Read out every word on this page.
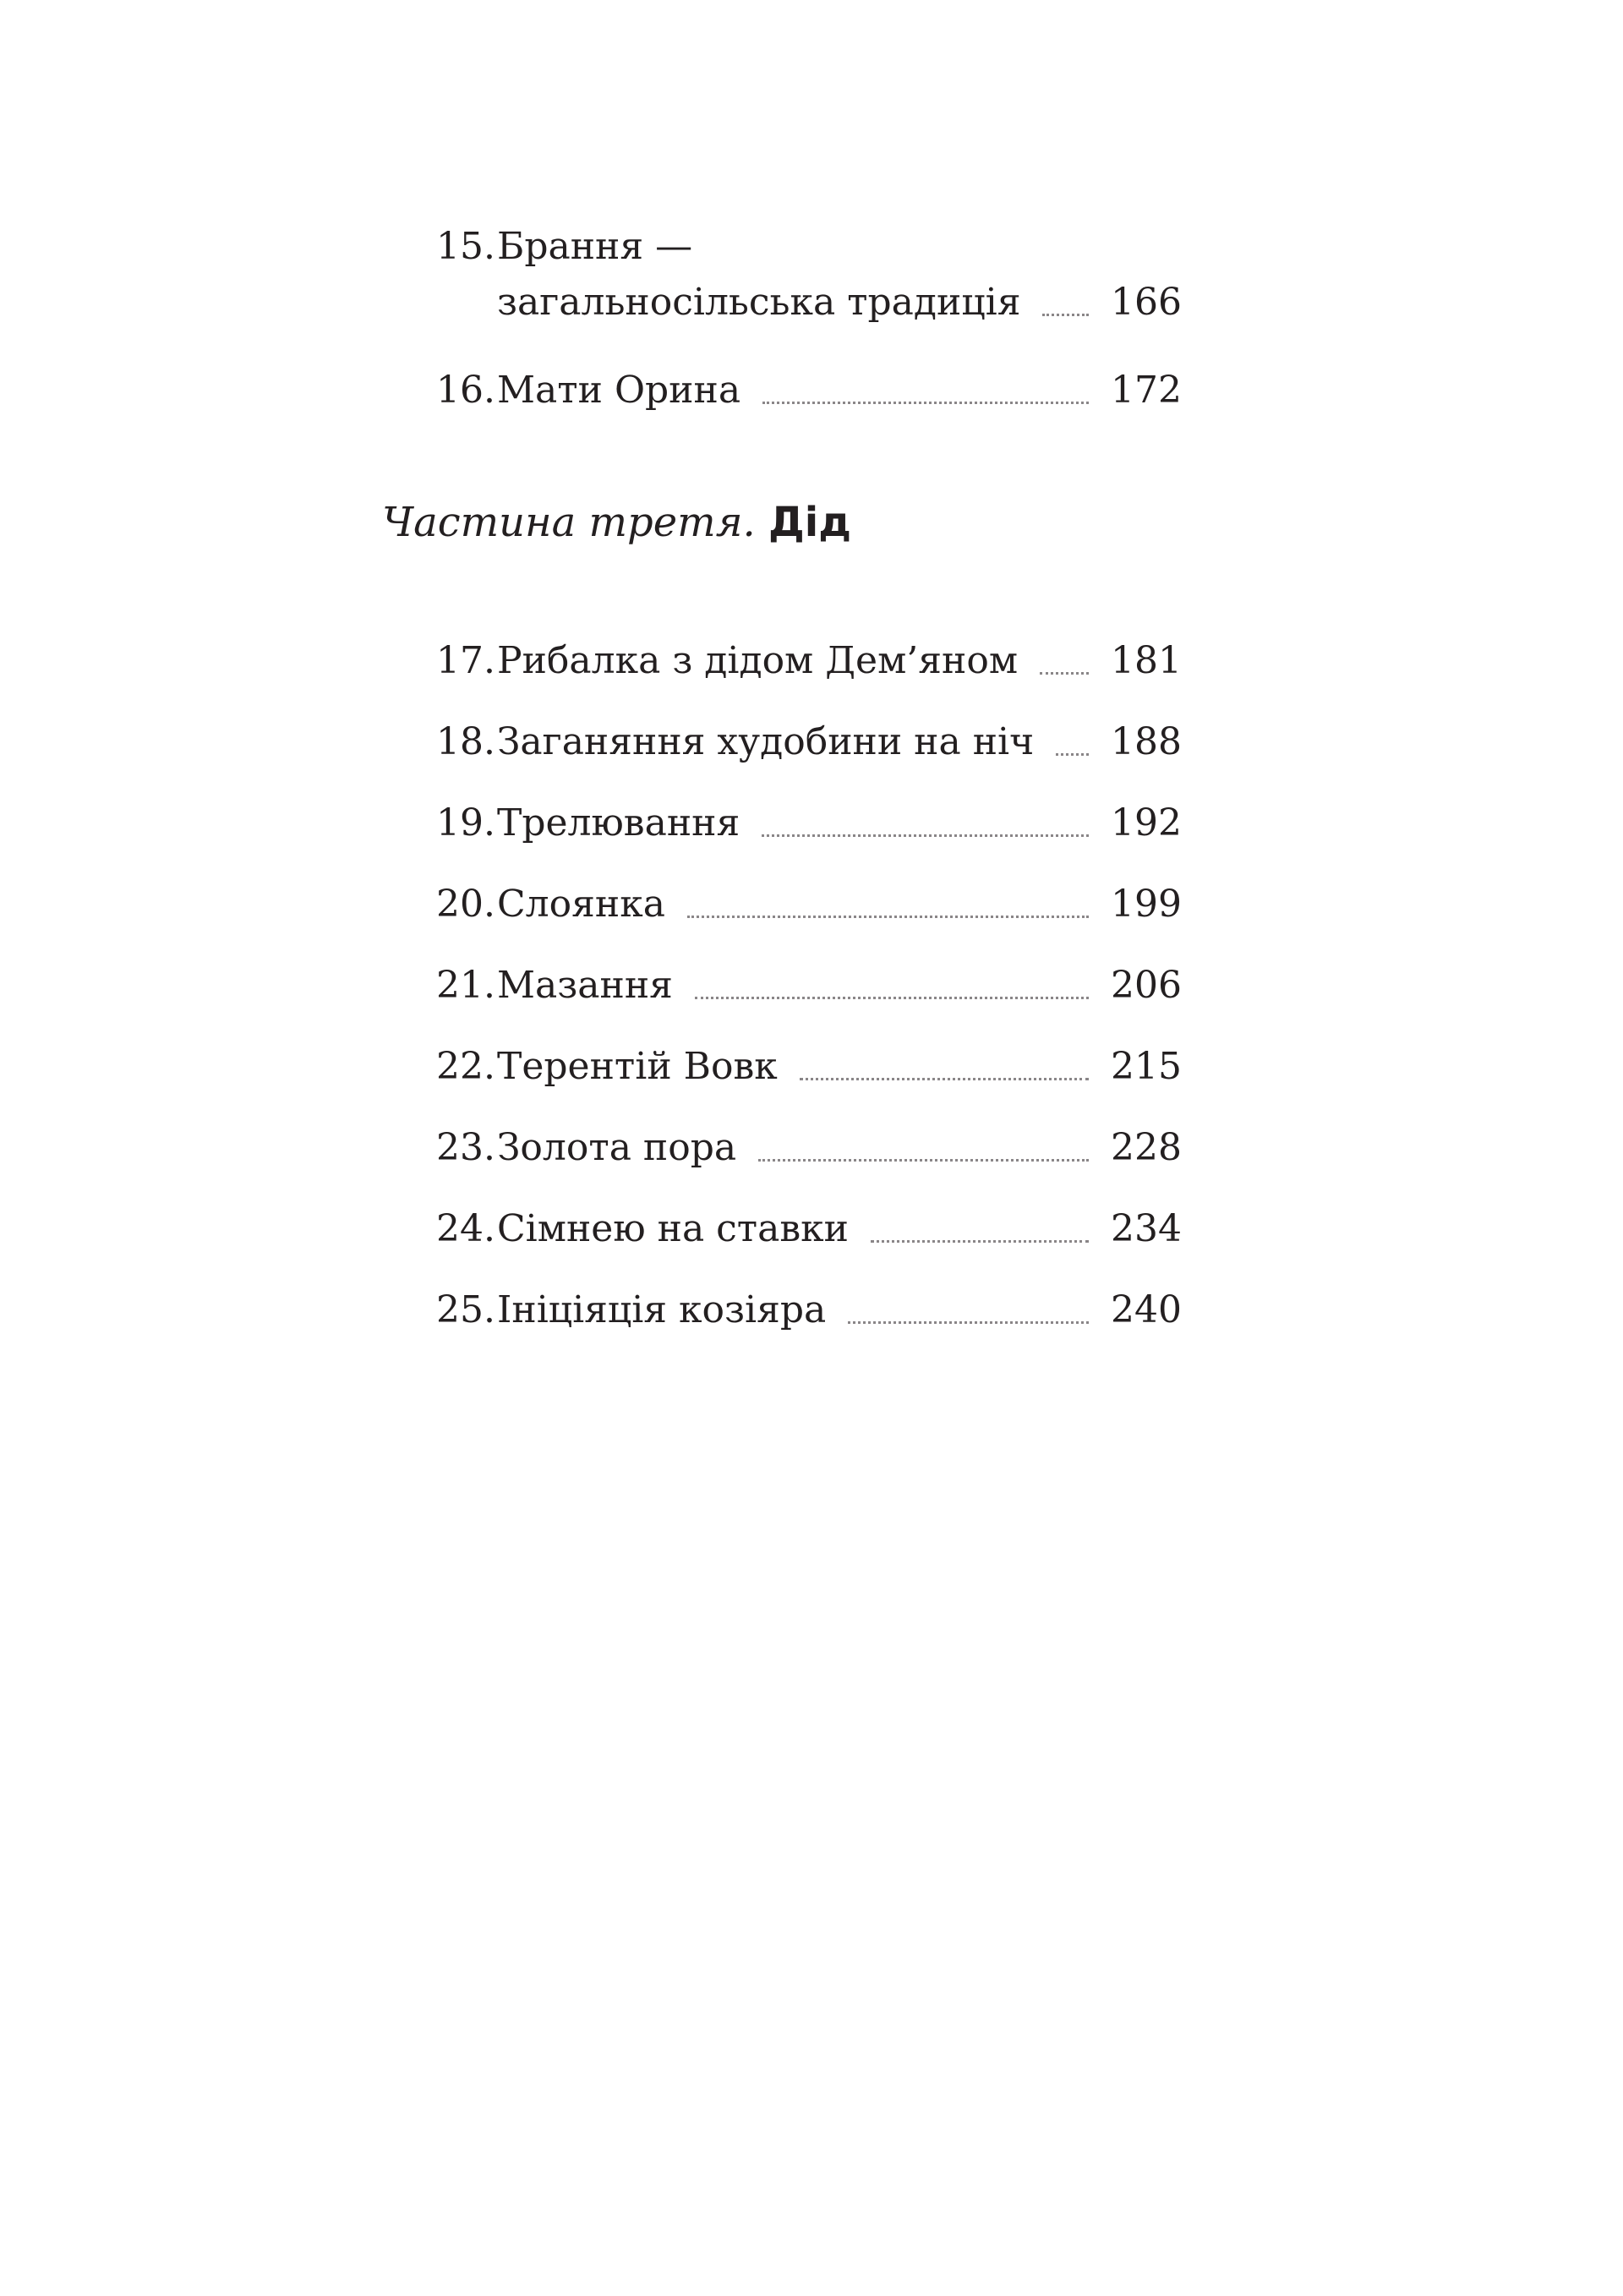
15. Брання —
загальносільська традиція 166
16. Мати Орина	172
Частина третя. Дід
17. Рибалка з дідом Дем’яном 181
18. Заганяння худобини на ніч 188
19. Трелювання	192
20. Слоянка	199
21. Мазання	206
22. Терентій Вовк	215
23. Золота пора	228
24. Сімнею на ставки	234
25. Ініціяція козіяра	240
